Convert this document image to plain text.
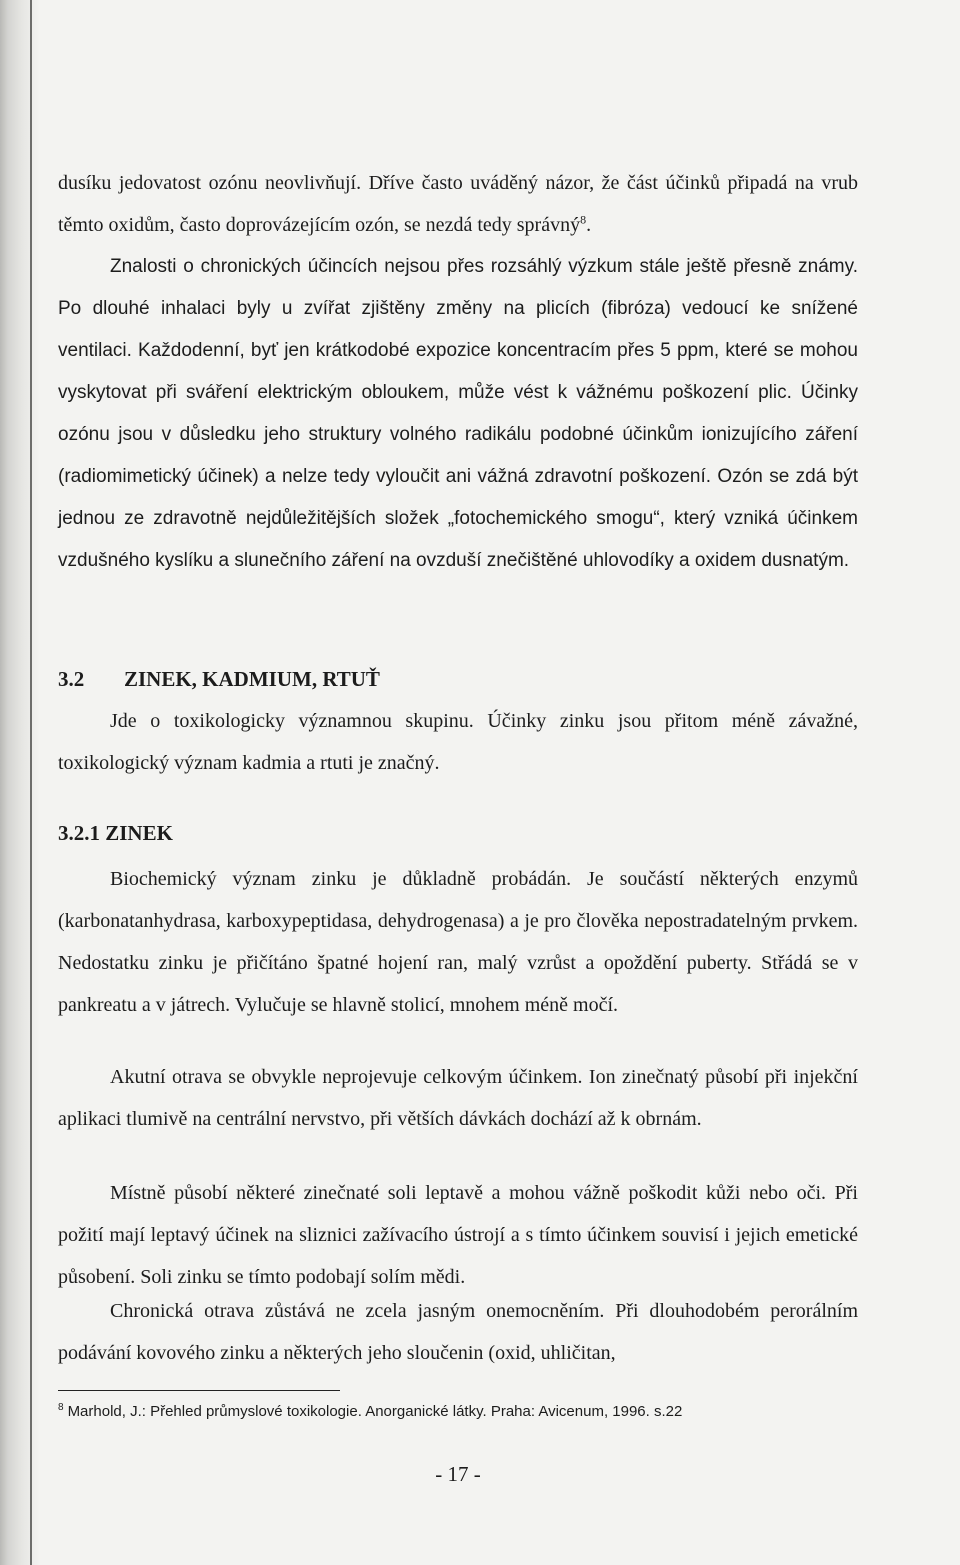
dusíku jedovatost ozónu neovlivňují. Dříve často uváděný názor, že část účinků připadá na vrub těmto oxidům, často doprovázejícím ozón, se nezdá tedy správný$^8$.

Znalosti o chronických účincích nejsou přes rozsáhlý výzkum stále ještě přesně známy. Po dlouhé inhalaci byly u zvířat zjištěny změny na plicích (fibróza) vedoucí ke snížené ventilaci. Každodenní, byť jen krátkodobé expozice koncentracím přes 5 ppm, které se mohou vyskytovat při sváření elektrickým obloukem, může vést k vážnému poškození plic. Účinky ozónu jsou v důsledku jeho struktury volného radikálu podobné účinkům ionizujícího záření (radiomimetický účinek) a nelze tedy vyloučit ani vážná zdravotní poškození. Ozón se zdá být jednou ze zdravotně nejdůležitějších složek „fotochemického smogu“, který vzniká účinkem vzdušného kyslíku a slunečního záření na ovzduší znečištěné uhlovodíky a oxidem dusnatým.

3.2 ZINEK, KADMIUM, RTUŤ

Jde o toxikologicky významnou skupinu. Účinky zinku jsou přitom méně závažné, toxikologický význam kadmia a rtuti je značný.

3.2.1 ZINEK

Biochemický význam zinku je důkladně probádán. Je součástí některých enzymů (karbonatanhydrasa, karboxypeptidasa, dehydrogenasa) a je pro člověka nepostradatelným prvkem. Nedostatku zinku je přičítáno špatné hojení ran, malý vzrůst a opoždění puberty. Střádá se v pankreatu a v játrech. Vylučuje se hlavně stolicí, mnohem méně močí.

Akutní otrava se obvykle neprojevuje celkovým účinkem. Ion zinečnatý působí při injekční aplikaci tlumivě na centrální nervstvo, při větších dávkách dochází až k obrnám.

Místně působí některé zinečnaté soli leptavě a mohou vážně poškodit kůži nebo oči. Při požití mají leptavý účinek na sliznici zažívacího ústrojí a s tímto účinkem souvisí i jejich emetické působení. Soli zinku se tímto podobají solím mědi.

Chronická otrava zůstává ne zcela jasným onemocněním. Při dlouhodobém perorálním podávání kovového zinku a některých jeho sloučenin (oxid, uhličitan,

$^8$ Marhold, J.: Přehled průmyslové toxikologie. Anorganické látky. Praha: Avicenum, 1996. s.22
- 17 -
